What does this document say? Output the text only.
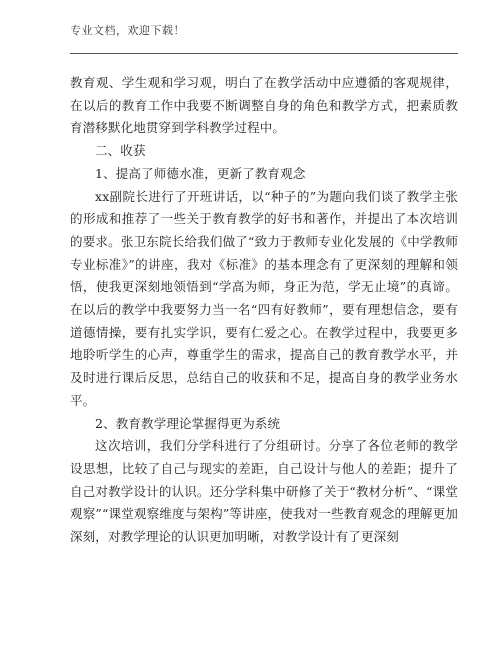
专业文档，欢迎下载！

教育观、学生观和学习观，明白了在教学活动中应遵循的客观规律，在以后的教育工作中我要不断调整自身的角色和教学方式，把素质教育潜移默化地贯穿到学科教学过程中。

二、收获

1、提高了师德水准，更新了教育观念

xx副院长进行了开班讲话，以“种子的”为题向我们谈了教学主张的形成和推荐了一些关于教育教学的好书和著作，并提出了本次培训的要求。张卫东院长给我们做了“致力于教师专业化发展的《中学教师专业标准》”的讲座，我对《标准》的基本理念有了更深刻的理解和领悟，使我更深刻地领悟到“学高为师，身正为范，学无止境”的真谛。在以后的教学中我要努力当一名“四有好教师”，要有理想信念，要有道德情操，要有扎实学识，要有仁爱之心。在教学过程中，我要更多地聆听学生的心声，尊重学生的需求，提高自己的教育教学水平，并及时进行课后反思，总结自己的收获和不足，提高自身的教学业务水平。

2、教育教学理论掌握得更为系统

这次培训，我们分学科进行了分组研讨。分享了各位老师的教学设思想，比较了自己与现实的差距，自己设计与他人的差距；提升了自己对教学设计的认识。还分学科集中研修了关于“教材分析”、“课堂观察”“课堂观察维度与架构”等讲座，使我对一些教育观念的理解更加深刻，对教学理论的认识更加明晰，对教学设计有了更深刻
